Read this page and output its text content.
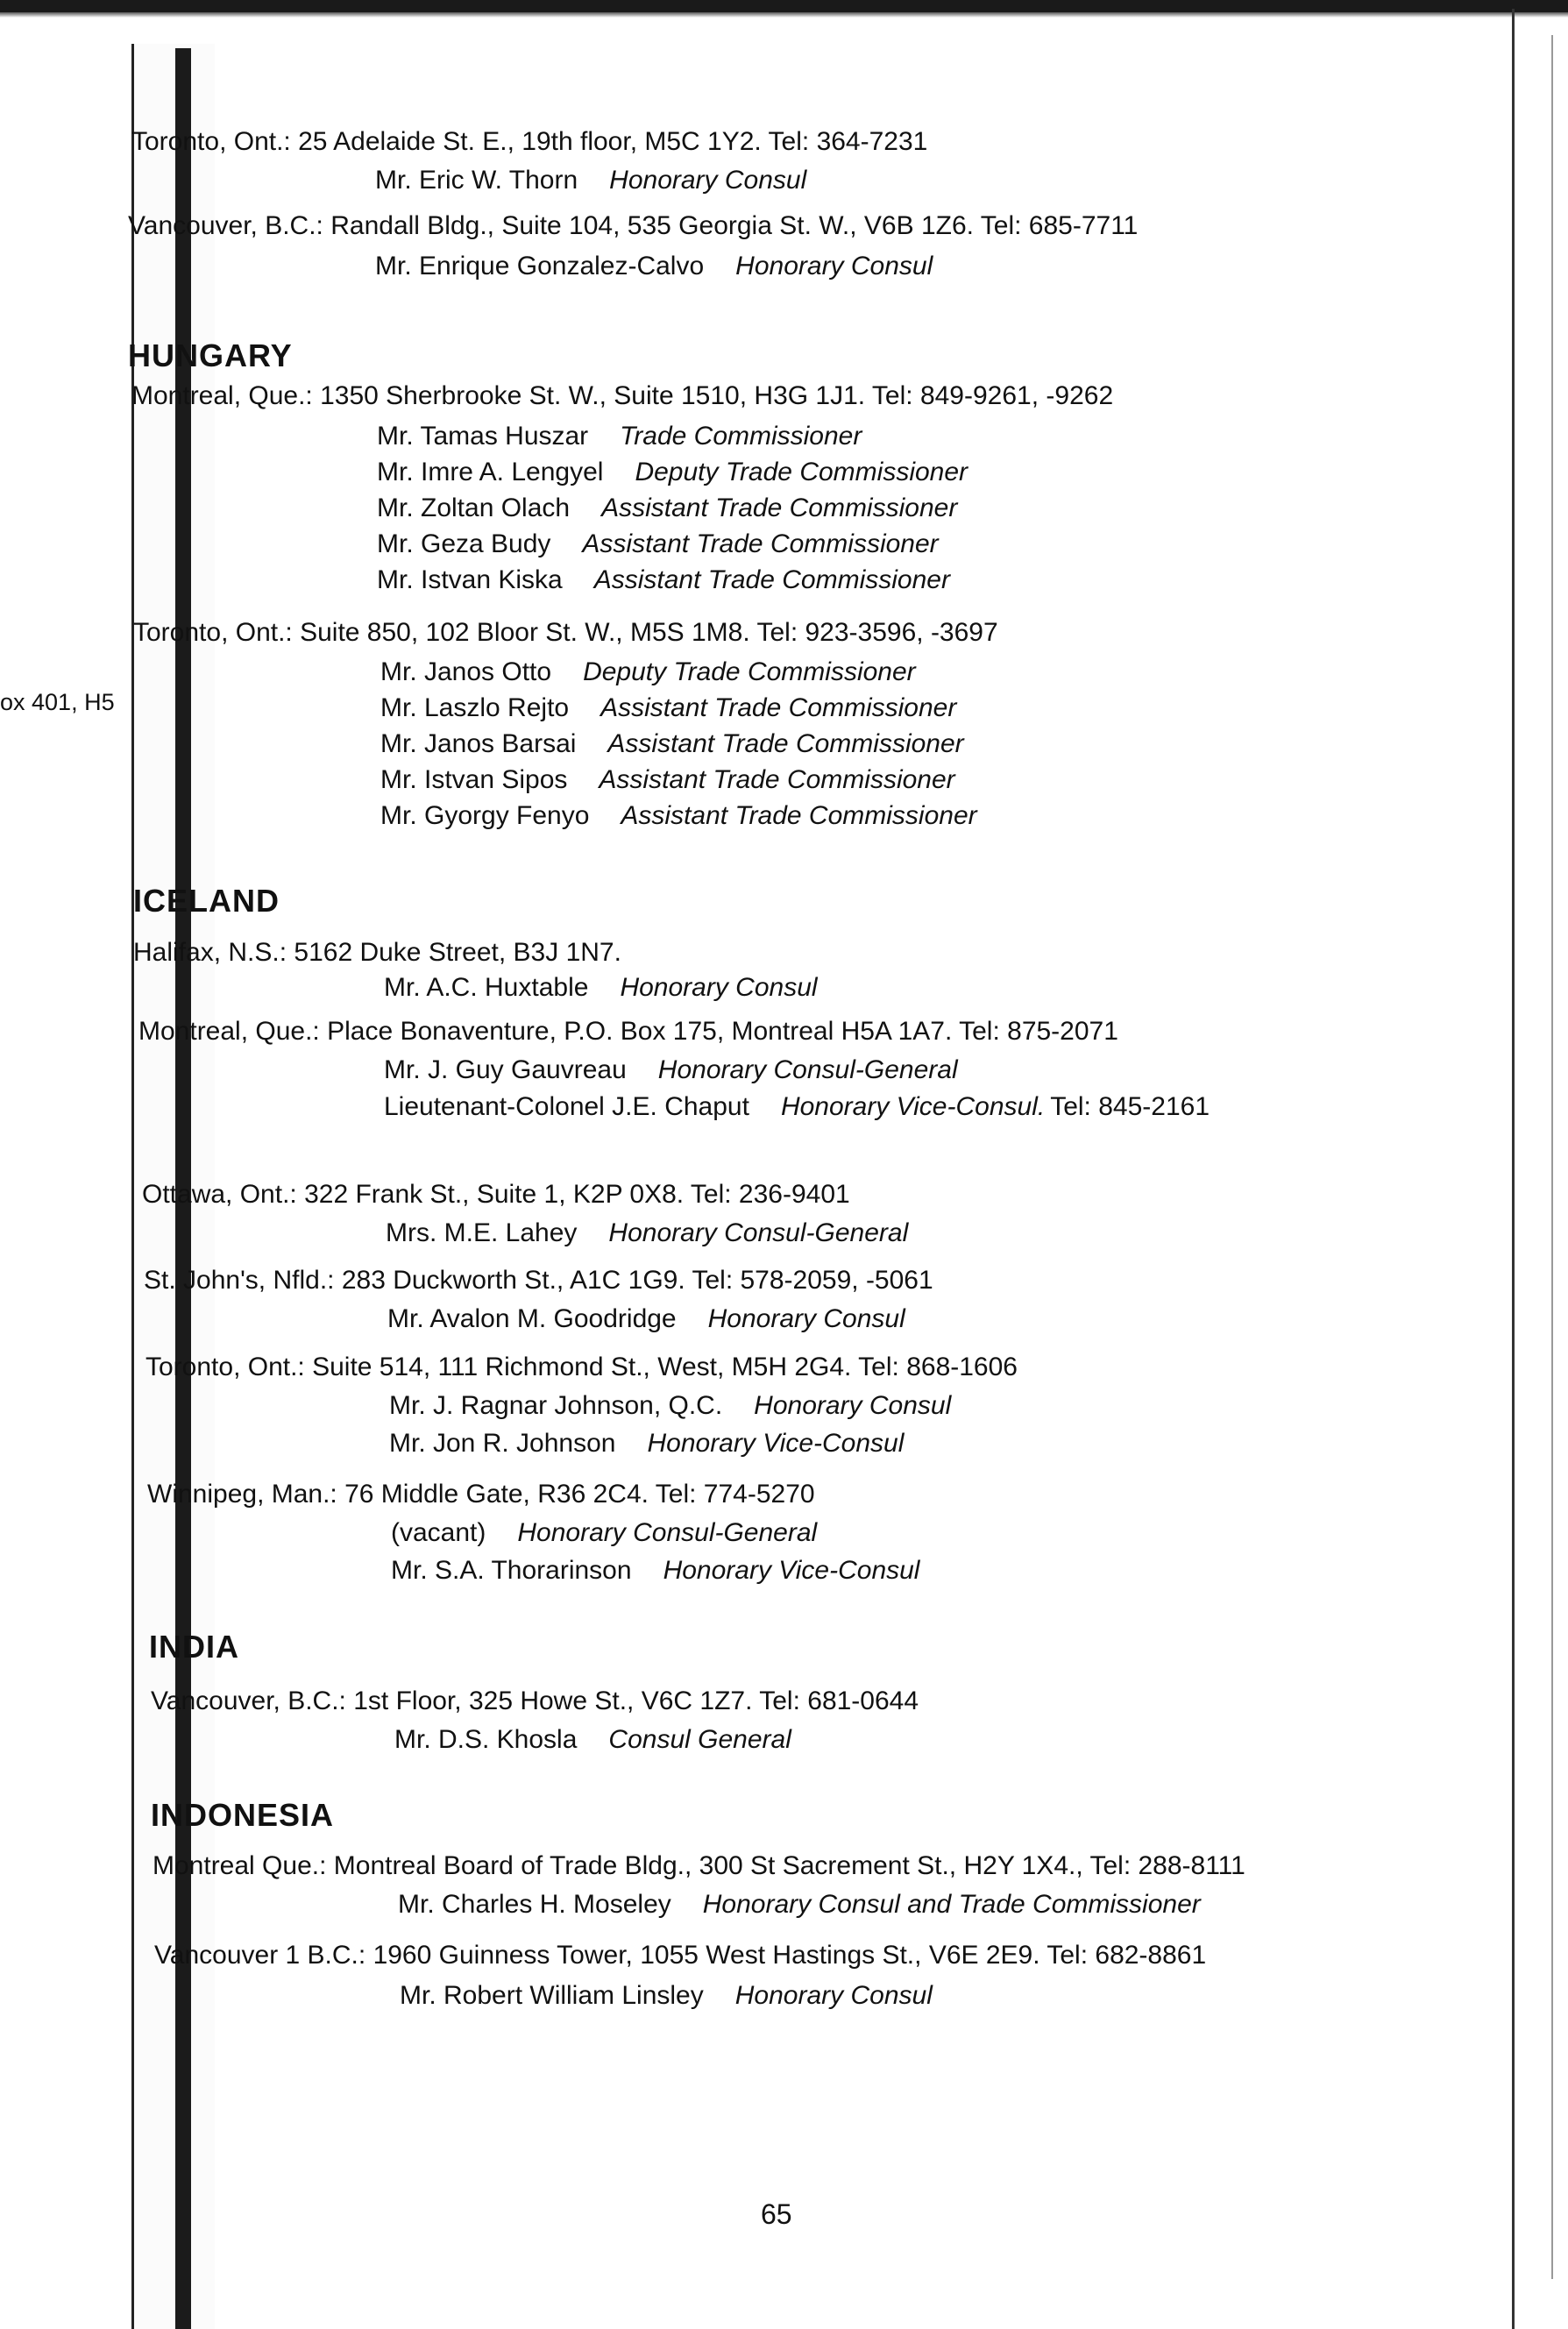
ox 401, H5
Toronto, Ont.: 25 Adelaide St. E., 19th floor, M5C 1Y2. Tel: 364-7231
Mr. Eric W. Thorn Honorary Consul
Vancouver, B.C.: Randall Bldg., Suite 104, 535 Georgia St. W., V6B 1Z6. Tel: 685-7711
Mr. Enrique Gonzalez-Calvo Honorary Consul
HUNGARY
Montreal, Que.: 1350 Sherbrooke St. W., Suite 1510, H3G 1J1. Tel: 849-9261, -9262
Mr. Tamas Huszar Trade Commissioner
Mr. Imre A. Lengyel Deputy Trade Commissioner
Mr. Zoltan Olach Assistant Trade Commissioner
Mr. Geza Budy Assistant Trade Commissioner
Mr. Istvan Kiska Assistant Trade Commissioner
Toronto, Ont.: Suite 850, 102 Bloor St. W., M5S 1M8. Tel: 923-3596, -3697
Mr. Janos Otto Deputy Trade Commissioner
Mr. Laszlo Rejto Assistant Trade Commissioner
Mr. Janos Barsai Assistant Trade Commissioner
Mr. Istvan Sipos Assistant Trade Commissioner
Mr. Gyorgy Fenyo Assistant Trade Commissioner
ICELAND
Halifax, N.S.: 5162 Duke Street, B3J 1N7.
Mr. A.C. Huxtable Honorary Consul
Montreal, Que.: Place Bonaventure, P.O. Box 175, Montreal H5A 1A7. Tel: 875-2071
Mr. J. Guy Gauvreau Honorary Consul-General
Lieutenant-Colonel J.E. Chaput Honorary Vice-Consul. Tel: 845-2161
Ottawa, Ont.: 322 Frank St., Suite 1, K2P 0X8. Tel: 236-9401
Mrs. M.E. Lahey Honorary Consul-General
St. John's, Nfld.: 283 Duckworth St., A1C 1G9. Tel: 578-2059, -5061
Mr. Avalon M. Goodridge Honorary Consul
Toronto, Ont.: Suite 514, 111 Richmond St., West, M5H 2G4. Tel: 868-1606
Mr. J. Ragnar Johnson, Q.C. Honorary Consul
Mr. Jon R. Johnson Honorary Vice-Consul
Winnipeg, Man.: 76 Middle Gate, R36 2C4. Tel: 774-5270
(vacant) Honorary Consul-General
Mr. S.A. Thorarinson Honorary Vice-Consul
INDIA
Vancouver, B.C.: 1st Floor, 325 Howe St., V6C 1Z7. Tel: 681-0644
Mr. D.S. Khosla Consul General
INDONESIA
Montreal Que.: Montreal Board of Trade Bldg., 300 St Sacrement St., H2Y 1X4., Tel: 288-8111
Mr. Charles H. Moseley Honorary Consul and Trade Commissioner
Vancouver 1 B.C.: 1960 Guinness Tower, 1055 West Hastings St., V6E 2E9. Tel: 682-8861
Mr. Robert William Linsley Honorary Consul
65
